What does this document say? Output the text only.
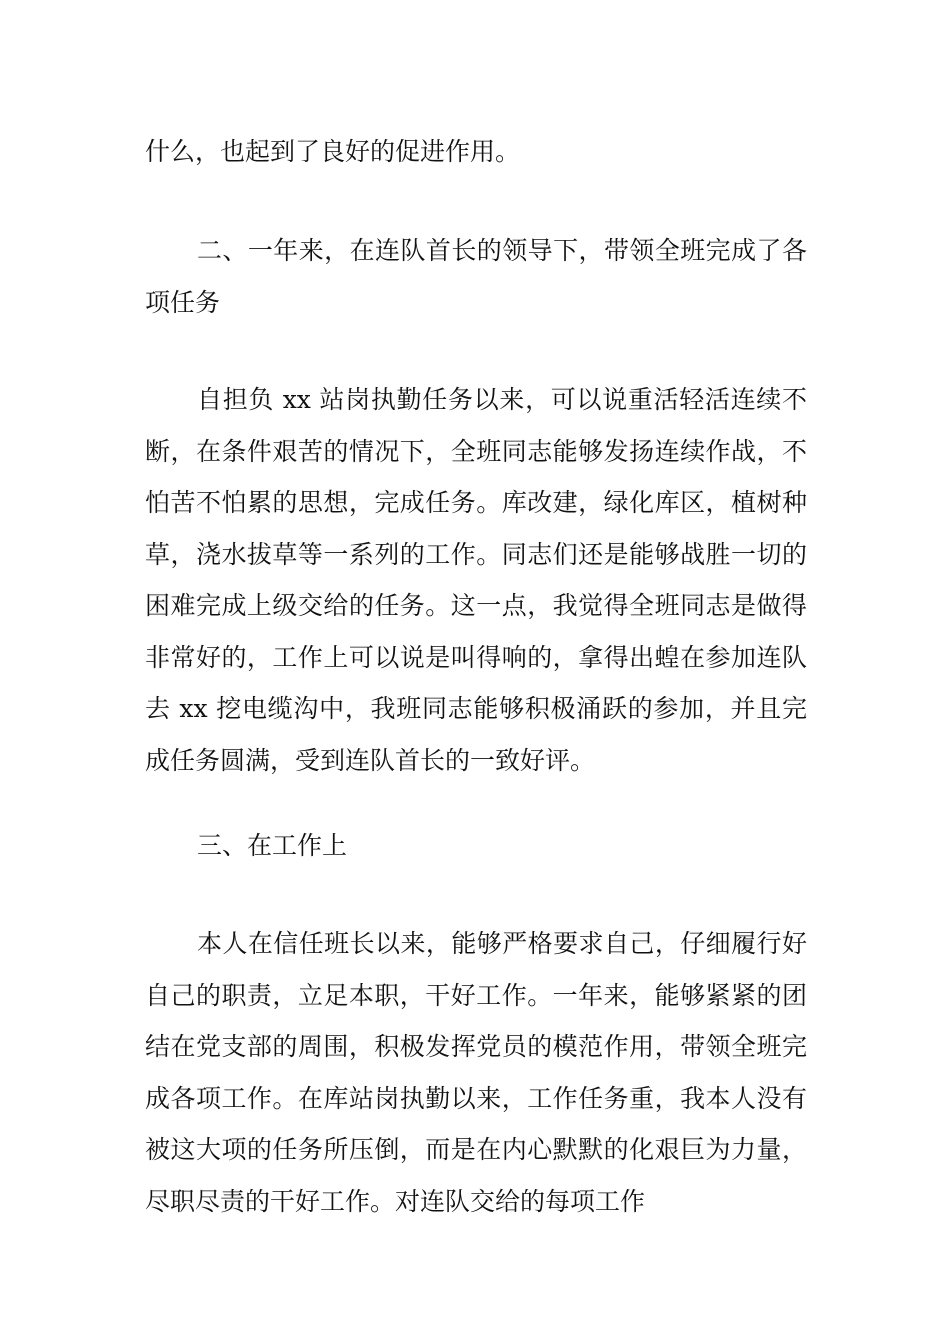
什么，也起到了良好的促进作用。

二、一年来，在连队首长的领导下，带领全班完成了各项任务

自担负 xx 站岗执勤任务以来，可以说重活轻活连续不断，在条件艰苦的情况下，全班同志能够发扬连续作战，不怕苦不怕累的思想，完成任务。库改建，绿化库区，植树种草，浇水拔草等一系列的工作。同志们还是能够战胜一切的困难完成上级交给的任务。这一点，我觉得全班同志是做得非常好的，工作上可以说是叫得响的，拿得出蝗在参加连队去 xx 挖电缆沟中，我班同志能够积极涌跃的参加，并且完成任务圆满，受到连队首长的一致好评。

三、在工作上

本人在信任班长以来，能够严格要求自己，仔细履行好自己的职责，立足本职，干好工作。一年来，能够紧紧的团结在党支部的周围，积极发挥党员的模范作用，带领全班完成各项工作。在库站岗执勤以来，工作任务重，我本人没有被这大项的任务所压倒，而是在内心默默的化艰巨为力量，尽职尽责的干好工作。对连队交给的每项工作
